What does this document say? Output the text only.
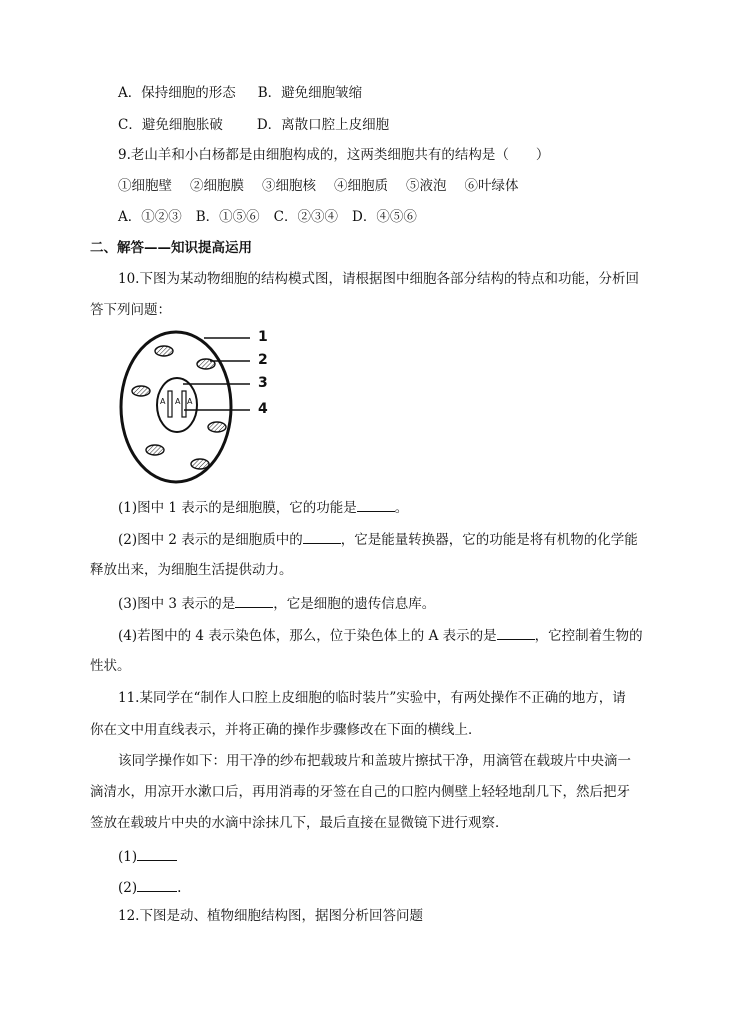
A．保持细胞的形态 B．避免细胞皱缩
C．避免细胞胀破	D．离散口腔上皮细胞
9.老山羊和小白杨都是由细胞构成的，这两类细胞共有的结构是（　　）
①细胞壁 ②细胞膜 ③细胞核 ④细胞质 ⑤液泡 ⑥叶绿体
A．①②③ B．①⑤⑥ C．②③④ D．④⑤⑥
二、解答——知识提高运用
10.下图为某动物细胞的结构模式图，请根据图中细胞各部分结构的特点和功能，分析回
答下列问题：
A A A
1
2
3
4
(1)图中 1 表示的是细胞膜，它的功能是	。
(2)图中 2 表示的是细胞质中的	，它是能量转换器，它的功能是将有机物的化学能
释放出来，为细胞生活提供动力。
(3)图中 3 表示的是	，它是细胞的遗传信息库。
(4)若图中的 4 表示染色体，那么，位于染色体上的 A 表示的是	，它控制着生物的
性状。
11.某同学在“制作人口腔上皮细胞的临时装片”实验中，有两处操作不正确的地方，请
你在文中用直线表示，并将正确的操作步骤修改在下面的横线上．
该同学操作如下：用干净的纱布把载玻片和盖玻片擦拭干净，用滴管在载玻片中央滴一
滴清水，用凉开水漱口后，再用消毒的牙签在自己的口腔内侧壁上轻轻地刮几下，然后把牙
签放在载玻片中央的水滴中涂抹几下，最后直接在显微镜下进行观察．
(1)
(2)	.
12.下图是动、植物细胞结构图，据图分析回答问题
